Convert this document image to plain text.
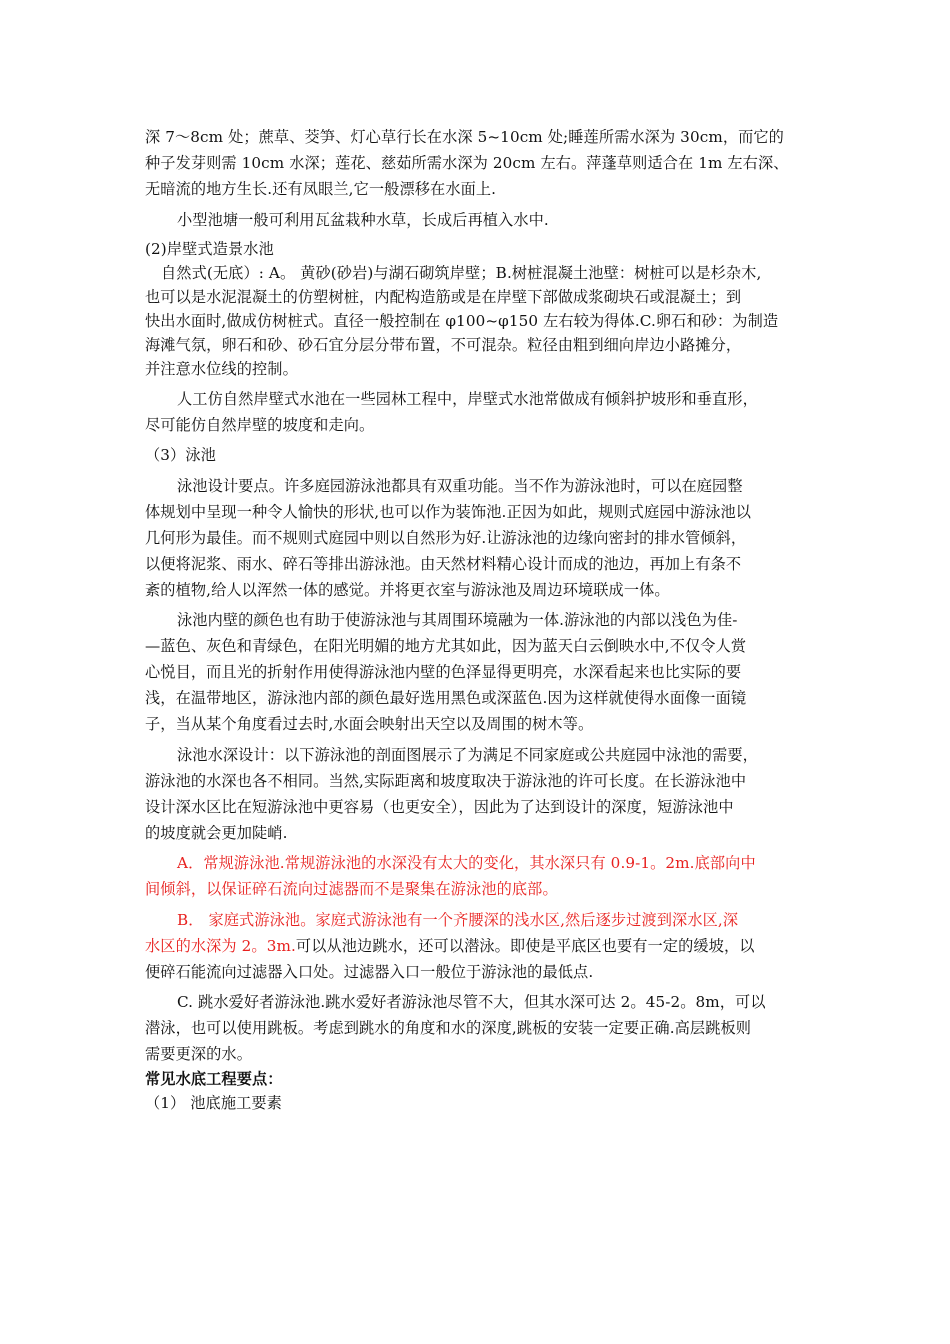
深 7～8cm 处；蔗草、茭笋、灯心草行长在水深 5~10cm 处;睡莲所需水深为 30cm，而它的
种子发芽则需 10cm 水深；莲花、慈茹所需水深为 20cm 左右。萍蓬草则适合在 1m 左右深、
无暗流的地方生长.还有凤眼兰,它一般漂移在水面上.
小型池塘一般可利用瓦盆栽种水草，长成后再植入水中.
(2)岸壁式造景水池
自然式(无底）: A。 黄砂(砂岩)与湖石砌筑岸壁；B.树桩混凝土池壁：树桩可以是杉杂木,
也可以是水泥混凝土的仿塑树桩，内配构造筋或是在岸壁下部做成浆砌块石或混凝土；到
快出水面时,做成仿树桩式。直径一般控制在 φ100~φ150 左右较为得体.C.卵石和砂：为制造
海滩气氛，卵石和砂、砂石宜分层分带布置，不可混杂。粒径由粗到细向岸边小路摊分，
并注意水位线的控制。
人工仿自然岸壁式水池在一些园林工程中，岸壁式水池常做成有倾斜护坡形和垂直形，
尽可能仿自然岸壁的坡度和走向。
（3）泳池
泳池设计要点。许多庭园游泳池都具有双重功能。当不作为游泳池时，可以在庭园整
体规划中呈现一种令人愉快的形状,也可以作为装饰池.正因为如此，规则式庭园中游泳池以
几何形为最佳。而不规则式庭园中则以自然形为好.让游泳池的边缘向密封的排水管倾斜，
以便将泥浆、雨水、碎石等排出游泳池。由天然材料精心设计而成的池边，再加上有条不
紊的植物,给人以浑然一体的感觉。并将更衣室与游泳池及周边环境联成一体。
泳池内壁的颜色也有助于使游泳池与其周围环境融为一体.游泳池的内部以浅色为佳-
—蓝色、灰色和青绿色，在阳光明媚的地方尤其如此，因为蓝天白云倒映水中,不仅令人赏
心悦目，而且光的折射作用使得游泳池内壁的色泽显得更明亮，水深看起来也比实际的要
浅，在温带地区，游泳池内部的颜色最好选用黑色或深蓝色.因为这样就使得水面像一面镜
子，当从某个角度看过去时,水面会映射出天空以及周围的树木等。
泳池水深设计：以下游泳池的剖面图展示了为满足不同家庭或公共庭园中泳池的需要，
游泳池的水深也各不相同。当然,实际距离和坡度取决于游泳池的许可长度。在长游泳池中
设计深水区比在短游泳池中更容易（也更安全），因此为了达到设计的深度，短游泳池中
的坡度就会更加陡峭.
A．常规游泳池.常规游泳池的水深没有太大的变化，其水深只有 0.9-1。2m.底部向中
间倾斜，以保证碎石流向过滤器而不是聚集在游泳池的底部。
B． 家庭式游泳池。家庭式游泳池有一个齐腰深的浅水区,然后逐步过渡到深水区,深
水区的水深为 2。3m.可以从池边跳水，还可以潜泳。即使是平底区也要有一定的缓坡，以
便碎石能流向过滤器入口处。过滤器入口一般位于游泳池的最低点.
C. 跳水爱好者游泳池.跳水爱好者游泳池尽管不大，但其水深可达 2。45-2。8m，可以
潜泳，也可以使用跳板。考虑到跳水的角度和水的深度,跳板的安装一定要正确.高层跳板则
需要更深的水。
常见水底工程要点：
（1） 池底施工要素
